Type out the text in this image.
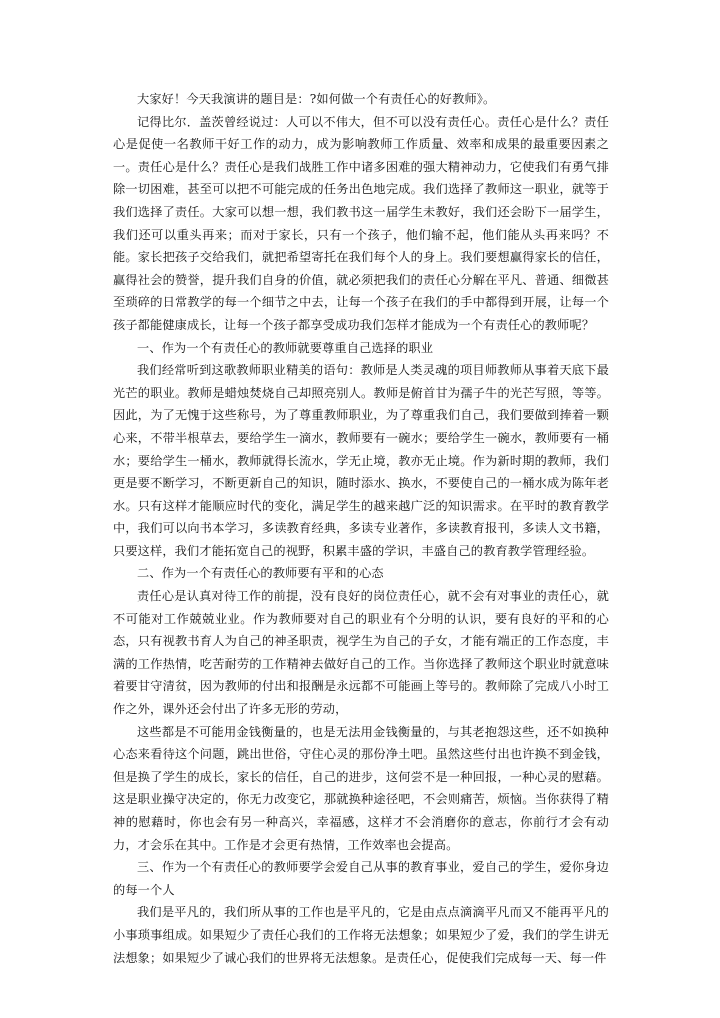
大家好！今天我演讲的题目是：?如何做一个有责任心的好教师》。

记得比尔．盖茨曾经说过：人可以不伟大，但不可以没有责任心。责任心是什么？责任心是促使一名教师干好工作的动力，成为影响教师工作质量、效率和成果的最重要因素之一。责任心是什么？责任心是我们战胜工作中诸多困难的强大精神动力，它使我们有勇气排除一切困难，甚至可以把不可能完成的任务出色地完成。我们选择了教师这一职业，就等于我们选择了责任。大家可以想一想，我们教书这一届学生未教好，我们还会盼下一届学生，我们还可以重头再来；而对于家长，只有一个孩子，他们输不起，他们能从头再来吗？不能。家长把孩子交给我们，就把希望寄托在我们每个人的身上。我们要想赢得家长的信任，赢得社会的赞誉，提升我们自身的价值，就必须把我们的责任心分解在平凡、普通、细微甚至琐碎的日常教学的每一个细节之中去，让每一个孩子在我们的手中都得到开展，让每一个孩子都能健康成长，让每一个孩子都享受成功我们怎样才能成为一个有责任心的教师呢？

一、作为一个有责任心的教师就要尊重自己选择的职业

我们经常听到这歌教师职业精美的语句：教师是人类灵魂的项目师教师从事着天底下最光芒的职业。教师是蜡烛焚烧自己却照亮别人。教师是俯首甘为孺子牛的光芒写照，等等。因此，为了无愧于这些称号，为了尊重教师职业，为了尊重我们自己，我们要做到捧着一颗心来，不带半根草去，要给学生一滴水，教师要有一碗水；要给学生一碗水，教师要有一桶水；要给学生一桶水，教师就得长流水，学无止境，教亦无止境。作为新时期的教师，我们更是要不断学习，不断更新自己的知识，随时添水、换水，不要使自己的一桶水成为陈年老水。只有这样才能顺应时代的变化，满足学生的越来越广泛的知识需求。在平时的教育教学中，我们可以向书本学习，多读教育经典，多读专业著作，多读教育报刊，多读人文书籍，只要这样，我们才能拓宽自己的视野，积累丰盛的学识，丰盛自己的教育教学管理经验。

二、作为一个有责任心的教师要有平和的心态

责任心是认真对待工作的前提，没有良好的岗位责任心，就不会有对事业的责任心，就不可能对工作兢兢业业。作为教师要对自己的职业有个分明的认识，要有良好的平和的心态，只有视教书育人为自己的神圣职责，视学生为自己的子女，才能有端正的工作态度，丰满的工作热情，吃苦耐劳的工作精神去做好自己的工作。当你选择了教师这个职业时就意味着要甘守清贫，因为教师的付出和报酬是永远都不可能画上等号的。教师除了完成八小时工作之外，课外还会付出了许多无形的劳动，

这些都是不可能用金钱衡量的，也是无法用金钱衡量的，与其老抱怨这些，还不如换种心态来看待这个问题，跳出世俗，守住心灵的那份净土吧。虽然这些付出也许换不到金钱，但是换了学生的成长，家长的信任，自己的进步，这何尝不是一种回报，一种心灵的慰藉。这是职业操守决定的，你无力改变它，那就换种途径吧，不会则痛苦，烦恼。当你获得了精神的慰藉时，你也会有另一种高兴，幸福感，这样才不会消磨你的意志，你前行才会有动力，才会乐在其中。工作是才会更有热情，工作效率也会提高。

三、作为一个有责任心的教师要学会爱自己从事的教育事业，爱自己的学生，爱你身边的每一个人

我们是平凡的，我们所从事的工作也是平凡的，它是由点点滴滴平凡而又不能再平凡的小事琐事组成。如果短少了责任心我们的工作将无法想象；如果短少了爱，我们的学生讲无法想象；如果短少了诚心我们的世界将无法想象。是责任心，促使我们完成每一天、每一件
